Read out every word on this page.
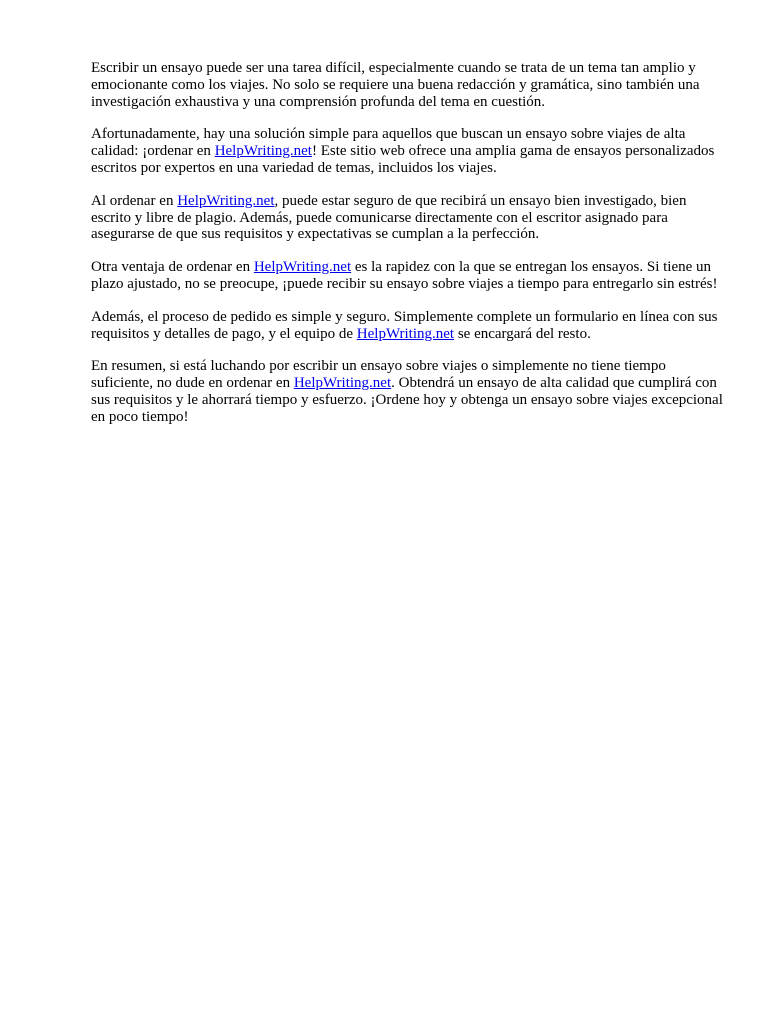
Escribir un ensayo puede ser una tarea difícil, especialmente cuando se trata de un tema tan amplio y emocionante como los viajes. No solo se requiere una buena redacción y gramática, sino también una investigación exhaustiva y una comprensión profunda del tema en cuestión.

Afortunadamente, hay una solución simple para aquellos que buscan un ensayo sobre viajes de alta calidad: ¡ordenar en HelpWriting.net! Este sitio web ofrece una amplia gama de ensayos personalizados escritos por expertos en una variedad de temas, incluidos los viajes.

Al ordenar en HelpWriting.net, puede estar seguro de que recibirá un ensayo bien investigado, bien escrito y libre de plagio. Además, puede comunicarse directamente con el escritor asignado para asegurarse de que sus requisitos y expectativas se cumplan a la perfección.

Otra ventaja de ordenar en HelpWriting.net es la rapidez con la que se entregan los ensayos. Si tiene un plazo ajustado, no se preocupe, ¡puede recibir su ensayo sobre viajes a tiempo para entregarlo sin estrés!

Además, el proceso de pedido es simple y seguro. Simplemente complete un formulario en línea con sus requisitos y detalles de pago, y el equipo de HelpWriting.net se encargará del resto.

En resumen, si está luchando por escribir un ensayo sobre viajes o simplemente no tiene tiempo suficiente, no dude en ordenar en HelpWriting.net. Obtendrá un ensayo de alta calidad que cumplirá con sus requisitos y le ahorrará tiempo y esfuerzo. ¡Ordene hoy y obtenga un ensayo sobre viajes excepcional en poco tiempo!
